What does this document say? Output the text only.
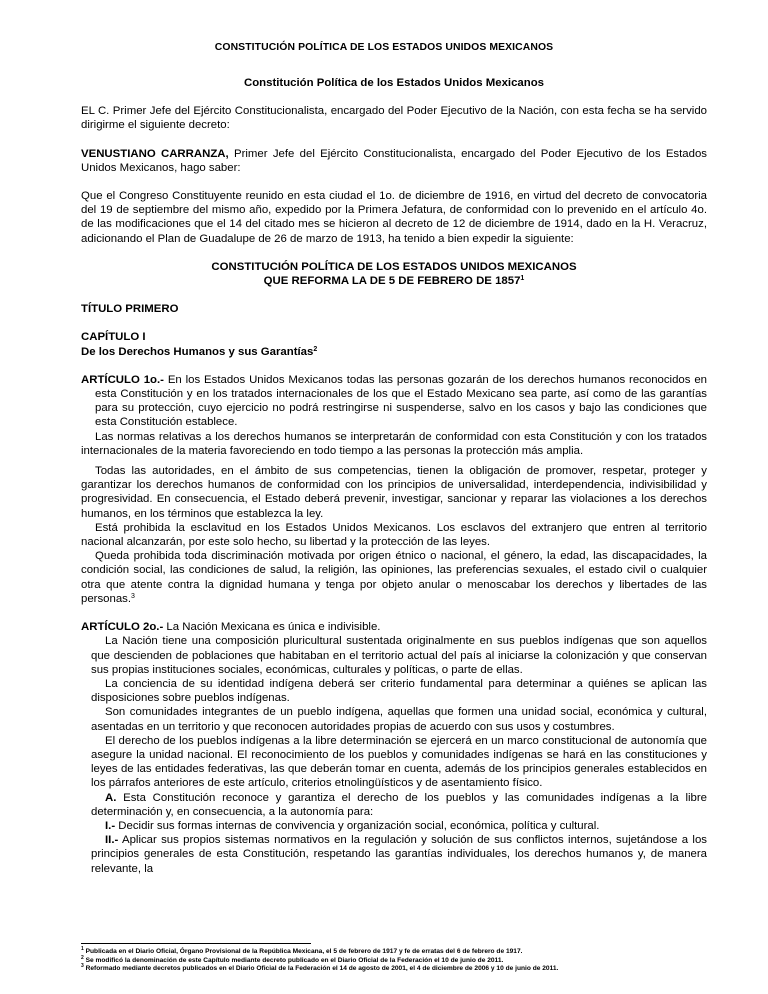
CONSTITUCIÓN POLÍTICA DE LOS ESTADOS UNIDOS MEXICANOS
Constitución Política de los Estados Unidos Mexicanos

EL C. Primer Jefe del Ejército Constitucionalista, encargado del Poder Ejecutivo de la Nación, con esta fecha se ha servido dirigirme el siguiente decreto:

VENUSTIANO CARRANZA, Primer Jefe del Ejército Constitucionalista, encargado del Poder Ejecutivo de los Estados Unidos Mexicanos, hago saber:

Que el Congreso Constituyente reunido en esta ciudad el 1o. de diciembre de 1916, en virtud del decreto de convocatoria del 19 de septiembre del mismo año, expedido por la Primera Jefatura, de conformidad con lo prevenido en el artículo 4o. de las modificaciones que el 14 del citado mes se hicieron al decreto de 12 de diciembre de 1914, dado en la H. Veracruz, adicionando el Plan de Guadalupe de 26 de marzo de 1913, ha tenido a bien expedir la siguiente:

CONSTITUCIÓN POLÍTICA DE LOS ESTADOS UNIDOS MEXICANOS
QUE REFORMA LA DE 5 DE FEBRERO DE 1857$^1$
TÍTULO PRIMERO
CAPÍTULO I
De los Derechos Humanos y sus Garantías$^2$

ARTÍCULO 1o.- En los Estados Unidos Mexicanos todas las personas gozarán de los derechos humanos reconocidos en esta Constitución y en los tratados internacionales de los que el Estado Mexicano sea parte, así como de las garantías para su protección, cuyo ejercicio no podrá restringirse ni suspenderse, salvo en los casos y bajo las condiciones que esta Constitución establece.

Las normas relativas a los derechos humanos se interpretarán de conformidad con esta Constitución y con los tratados internacionales de la materia favoreciendo en todo tiempo a las personas la protección más amplia.

Todas las autoridades, en el ámbito de sus competencias, tienen la obligación de promover, respetar, proteger y garantizar los derechos humanos de conformidad con los principios de universalidad, interdependencia, indivisibilidad y progresividad. En consecuencia, el Estado deberá prevenir, investigar, sancionar y reparar las violaciones a los derechos humanos, en los términos que establezca la ley.

Está prohibida la esclavitud en los Estados Unidos Mexicanos. Los esclavos del extranjero que entren al territorio nacional alcanzarán, por este solo hecho, su libertad y la protección de las leyes.

Queda prohibida toda discriminación motivada por origen étnico o nacional, el género, la edad, las discapacidades, la condición social, las condiciones de salud, la religión, las opiniones, las preferencias sexuales, el estado civil o cualquier otra que atente contra la dignidad humana y tenga por objeto anular o menoscabar los derechos y libertades de las personas.$^3$

ARTÍCULO 2o.- La Nación Mexicana es única e indivisible.

La Nación tiene una composición pluricultural sustentada originalmente en sus pueblos indígenas que son aquellos que descienden de poblaciones que habitaban en el territorio actual del país al iniciarse la colonización y que conservan sus propias instituciones sociales, económicas, culturales y políticas, o parte de ellas.

La conciencia de su identidad indígena deberá ser criterio fundamental para determinar a quiénes se aplican las disposiciones sobre pueblos indígenas.

Son comunidades integrantes de un pueblo indígena, aquellas que formen una unidad social, económica y cultural, asentadas en un territorio y que reconocen autoridades propias de acuerdo con sus usos y costumbres.

El derecho de los pueblos indígenas a la libre determinación se ejercerá en un marco constitucional de autonomía que asegure la unidad nacional. El reconocimiento de los pueblos y comunidades indígenas se hará en las constituciones y leyes de las entidades federativas, las que deberán tomar en cuenta, además de los principios generales establecidos en los párrafos anteriores de este artículo, criterios etnolingüísticos y de asentamiento físico.

A. Esta Constitución reconoce y garantiza el derecho de los pueblos y las comunidades indígenas a la libre determinación y, en consecuencia, a la autonomía para:

I.- Decidir sus formas internas de convivencia y organización social, económica, política y cultural.

II.- Aplicar sus propios sistemas normativos en la regulación y solución de sus conflictos internos, sujetándose a los principios generales de esta Constitución, respetando las garantías individuales, los derechos humanos y, de manera relevante, la

$^1$ Publicada en el Diario Oficial, Órgano Provisional de la República Mexicana, el 5 de febrero de 1917 y fe de erratas del 6 de febrero de 1917.
$^2$ Se modificó la denominación de este Capítulo mediante decreto publicado en el Diario Oficial de la Federación el 10 de junio de 2011.
$^3$ Reformado mediante decretos publicados en el Diario Oficial de la Federación el 14 de agosto de 2001, el 4 de diciembre de 2006 y 10 de junio de 2011.
